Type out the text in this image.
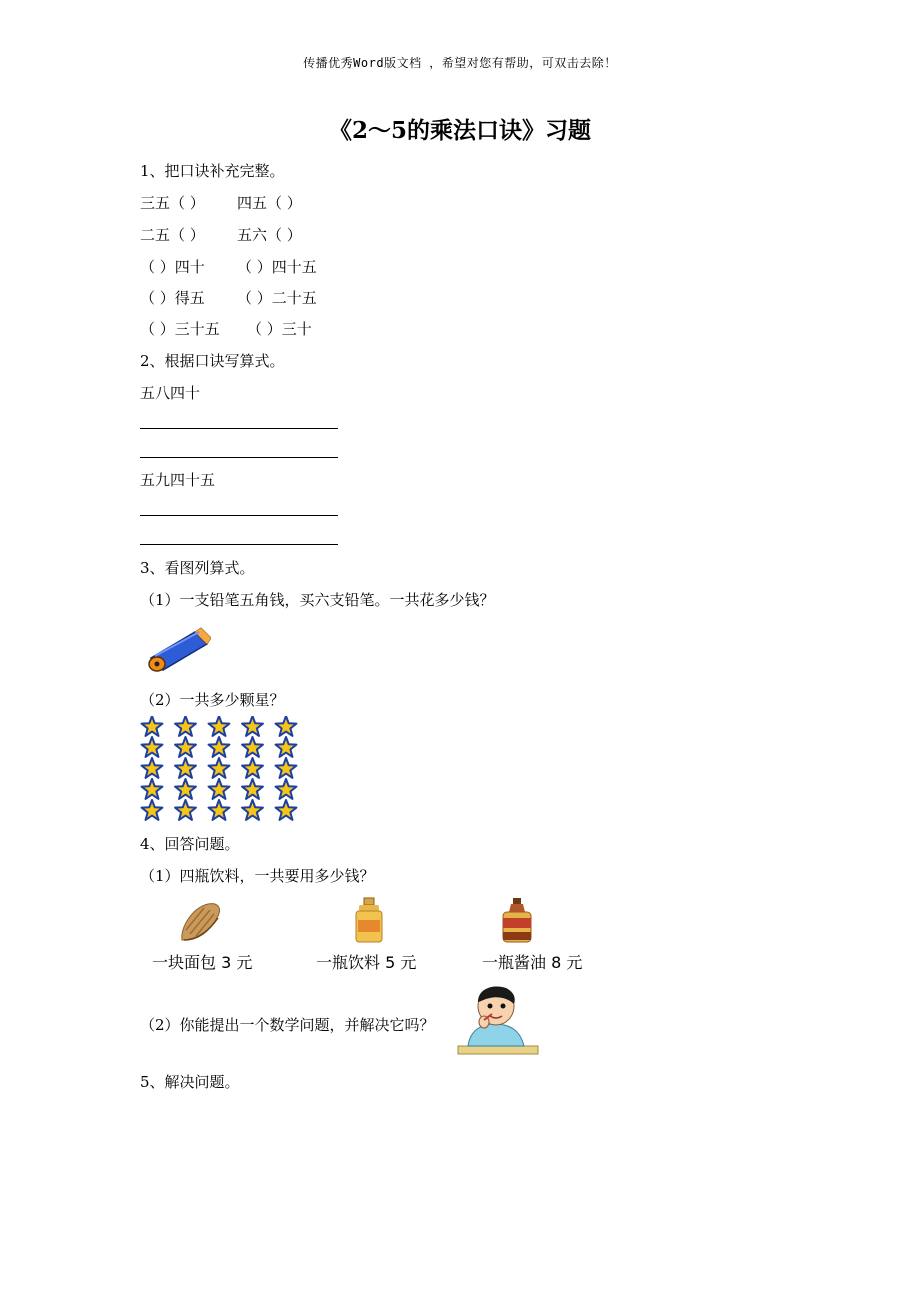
传播优秀Word版文档 ，希望对您有帮助，可双击去除！
《2～5的乘法口诀》习题
1、把口诀补充完整。
三五（ ） 四五（ ）
二五（ ） 五六（ ）
（ ）四十 （ ）四十五
（ ）得五 （ ）二十五
（ ）三十五 （ ）三十
2、根据口诀写算式。
五八四十
五九四十五
3、看图列算式。
（1）一支铅笔五角钱，买六支铅笔。一共花多少钱？
（2）一共多少颗星？
4、回答问题。
（1）四瓶饮料，一共要用多少钱？
一块面包 3 元	一瓶饮料 5 元	一瓶酱油 8 元
（2）你能提出一个数学问题，并解决它吗？
5、解决问题。
